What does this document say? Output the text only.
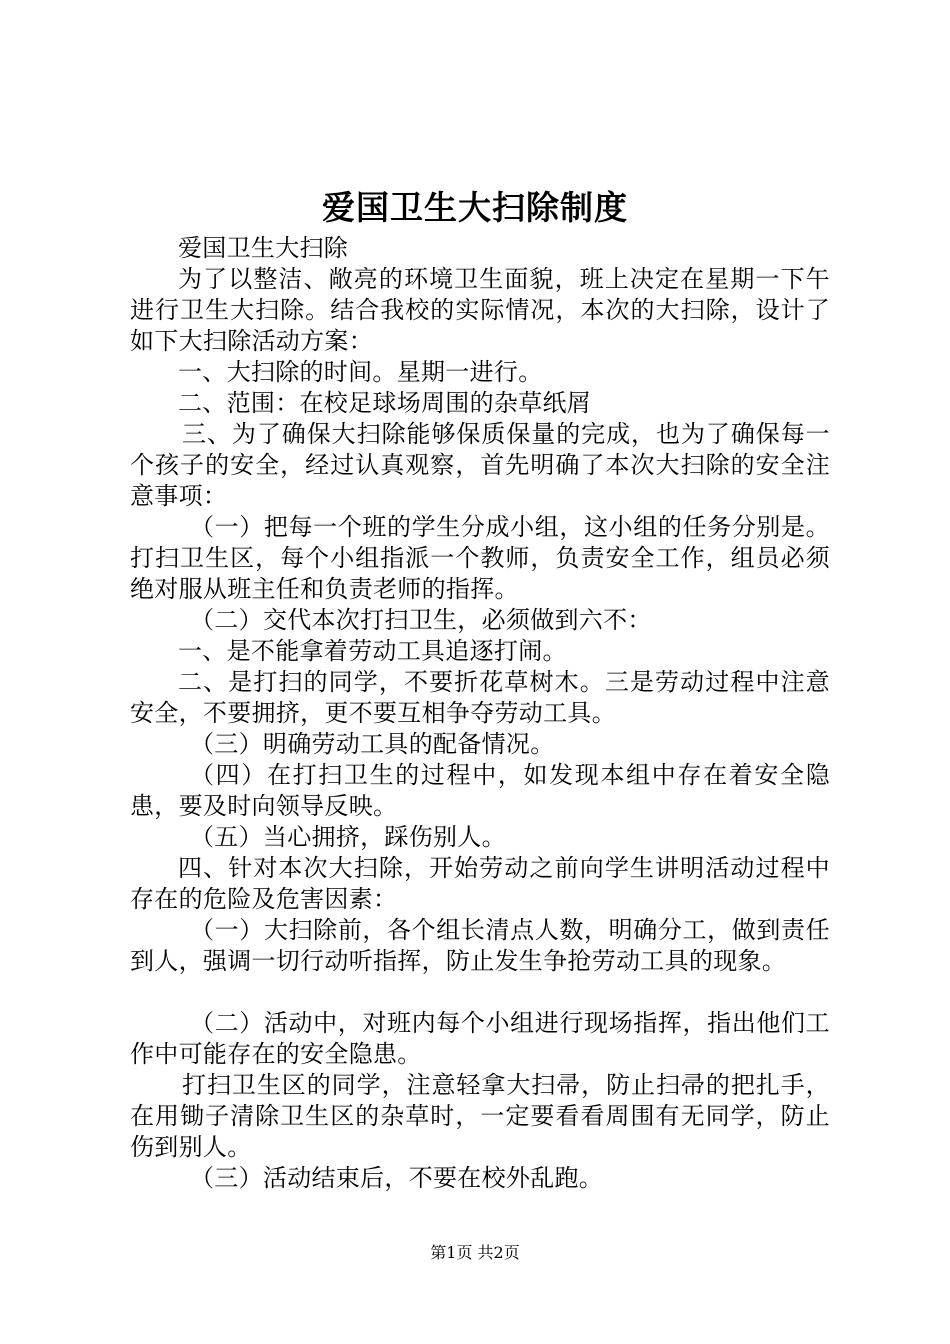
爱国卫生大扫除制度

爱国卫生大扫除

为了以整洁、敞亮的环境卫生面貌，班上决定在星期一下午进行卫生大扫除。结合我校的实际情况，本次的大扫除，设计了如下大扫除活动方案：

一、大扫除的时间。星期一进行。

二、范围：在校足球场周围的杂草纸屑

三、为了确保大扫除能够保质保量的完成，也为了确保每一个孩子的安全，经过认真观察，首先明确了本次大扫除的安全注意事项：

（一）把每一个班的学生分成小组，这小组的任务分别是。打扫卫生区，每个小组指派一个教师，负责安全工作，组员必须绝对服从班主任和负责老师的指挥。

（二）交代本次打扫卫生，必须做到六不：

一、是不能拿着劳动工具追逐打闹。

二、是打扫的同学，不要折花草树木。三是劳动过程中注意安全，不要拥挤，更不要互相争夺劳动工具。

（三）明确劳动工具的配备情况。

（四）在打扫卫生的过程中，如发现本组中存在着安全隐患，要及时向领导反映。

（五）当心拥挤，踩伤别人。

四、针对本次大扫除，开始劳动之前向学生讲明活动过程中存在的危险及危害因素：

（一）大扫除前，各个组长清点人数，明确分工，做到责任到人，强调一切行动听指挥，防止发生争抢劳动工具的现象。

（二）活动中，对班内每个小组进行现场指挥，指出他们工作中可能存在的安全隐患。

打扫卫生区的同学，注意轻拿大扫帚，防止扫帚的把扎手，在用锄子清除卫生区的杂草时，一定要看看周围有无同学，防止伤到别人。

（三）活动结束后，不要在校外乱跑。

第1页 共2页
